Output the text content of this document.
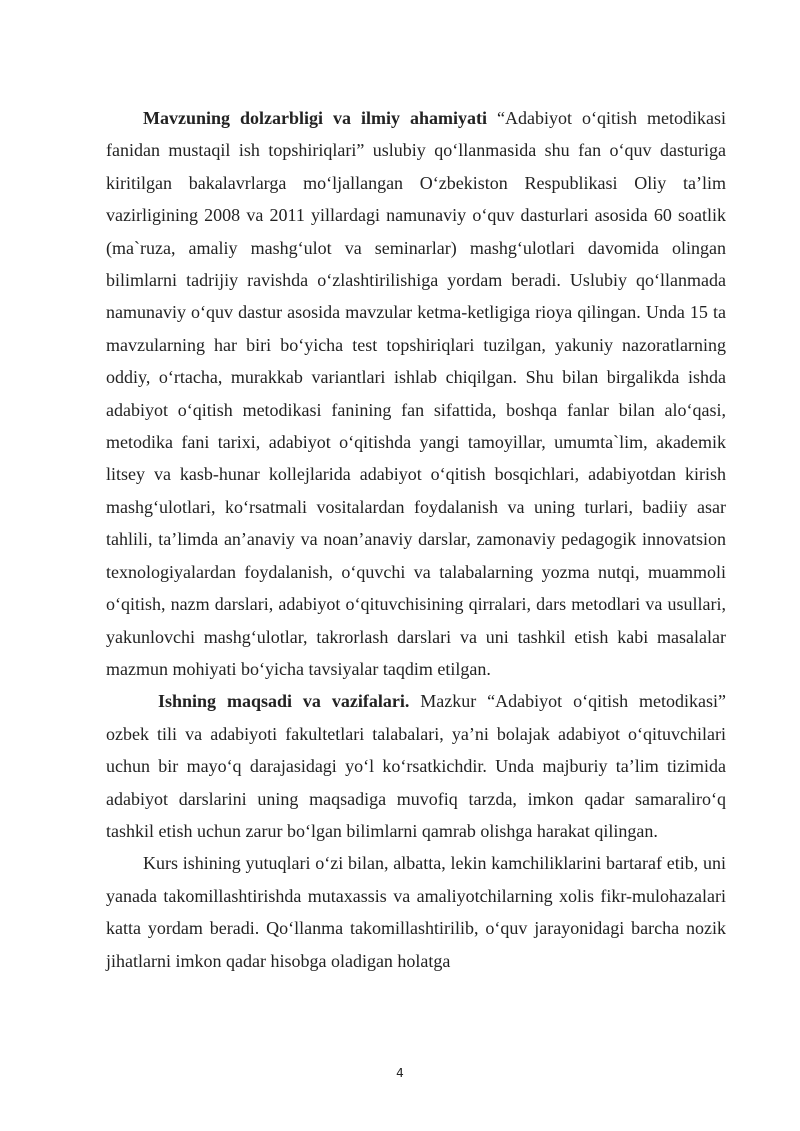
Mavzuning dolzarbligi va ilmiy ahamiyati “Adabiyot o‘qitish metodikasi fanidan mustaqil ish topshiriqlari” uslubiy qo‘llanmasida shu fan o‘quv dasturiga kiritilgan bakalavrlarga mo‘ljallangan O‘zbekiston Respublikasi Oliy ta’lim vazirligining 2008 va 2011 yillardagi namunaviy o‘quv dasturlari asosida 60 soatlik (ma`ruza, amaliy mashg‘ulot va seminarlar) mashg‘ulotlari davomida olingan bilimlarni tadrijiy ravishda o‘zlashtirilishiga yordam beradi. Uslubiy qo‘llanmada namunaviy o‘quv dastur asosida mavzular ketma-ketligiga rioya qilingan. Unda 15 ta mavzularning har biri bo‘yicha test topshiriqlari tuzilgan, yakuniy nazoratlarning oddiy, o‘rtacha, murakkab variantlari ishlab chiqilgan. Shu bilan birgalikda ishda adabiyot o‘qitish metodikasi fanining fan sifattida, boshqa fanlar bilan alo‘qasi, metodika fani tarixi, adabiyot o‘qitishda yangi tamoyillar, umumta`lim, akademik litsey va kasb-hunar kollejlarida adabiyot o‘qitish bosqichlari, adabiyotdan kirish mashg‘ulotlari, ko‘rsatmali vositalardan foydalanish va uning turlari, badiiy asar tahlili, ta’limda an’anaviy va noan’anaviy darslar, zamonaviy pedagogik innovatsion texnologiyalardan foydalanish, o‘quvchi va talabalarning yozma nutqi, muammoli o‘qitish, nazm darslari, adabiyot o‘qituvchisining qirralari, dars metodlari va usullari, yakunlovchi mashg‘ulotlar, takrorlash darslari va uni tashkil etish kabi masalalar mazmun mohiyati bo‘yicha tavsiyalar taqdim etilgan.

Ishning maqsadi va vazifalari. Mazkur “Adabiyot o‘qitish metodikasi” ozbek tili va adabiyoti fakultetlari talabalari, ya’ni bolajak adabiyot o‘qituvchilari uchun bir mayo‘q darajasidagi yo‘l ko‘rsatkichdir. Unda majburiy ta’lim tizimida adabiyot darslarini uning maqsadiga muvofiq tarzda, imkon qadar samaraliro‘q tashkil etish uchun zarur bo‘lgan bilimlarni qamrab olishga harakat qilingan.

Kurs ishining yutuqlari o‘zi bilan, albatta, lekin kamchiliklarini bartaraf etib, uni yanada takomillashtirishda mutaxassis va amaliyotchilarning xolis fikr-mulohazalari katta yordam beradi. Qo‘llanma takomillashtirilib, o‘quv jarayonidagi barcha nozik jihatlarni imkon qadar hisobga oladigan holatga

4
